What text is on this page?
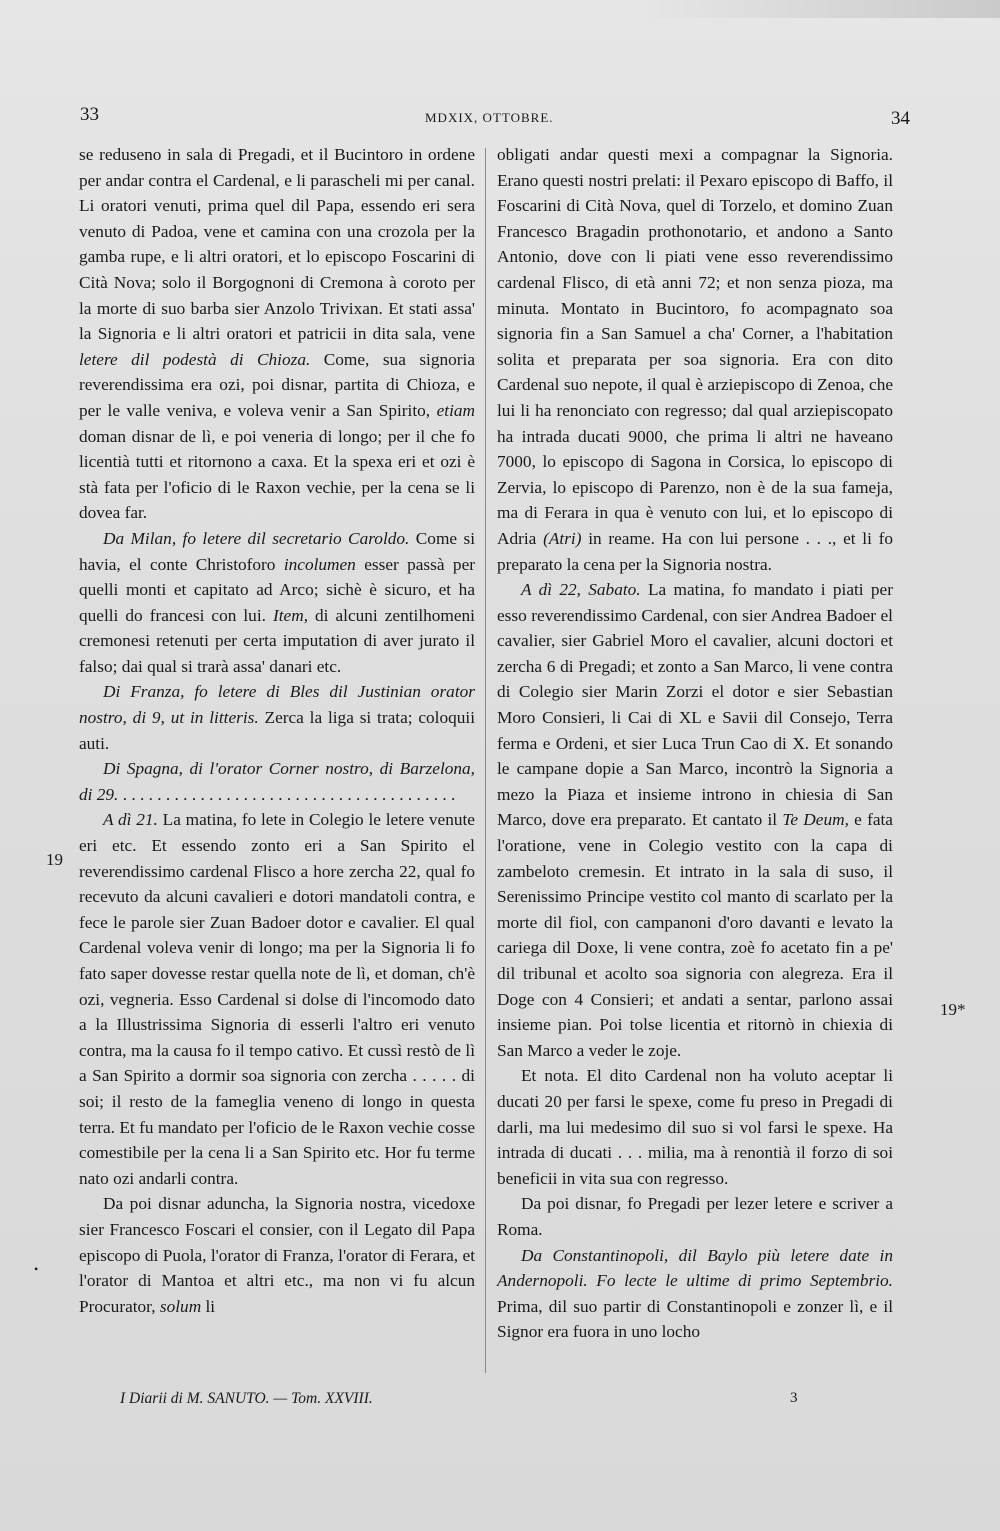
33	MDXIX, OTTOBRE.	34

se reduseno in sala di Pregadi, et il Bucintoro in ordene per andar contra el Cardenal, e li parascheli mi per canal. Li oratori venuti, prima quel dil Papa, essendo eri sera venuto di Padoa, vene et camina con una crozola per la gamba rupe, e li altri oratori, et lo episcopo Foscarini di Cità Nova; solo il Borgognoni di Cremona à coroto per la morte di suo barba sier Anzolo Trivixan. Et stati assa' la Signoria e li altri oratori et patricii in dita sala, vene letere dil podestà di Chioza. Come, sua signoria reverendissima era ozi, poi disnar, partita di Chioza, e per le valle veniva, e voleva venir a San Spirito, etiam doman disnar de lì, e poi veneria di longo; per il che fo licentià tutti et ritornono a caxa. Et la spexa eri et ozi è stà fata per l'oficio di le Raxon vechie, per la cena se li dovea far.

Da Milan, fo letere dil secretario Caroldo. Come si havia, el conte Christoforo incolumen esser passà per quelli monti et capitato ad Arco; sichè è sicuro, et ha quelli do francesi con lui. Item, di alcuni zentilhomeni cremonesi retenuti per certa imputation di aver jurato il falso; dai qual si trarà assa' danari etc.

Di Franza, fo letere di Bles dil Justinian orator nostro, di 9, ut in litteris. Zerca la liga si trata; coloquii auti.

Di Spagna, di l'orator Corner nostro, di Barzelona, di 29. . . . . . . . . . . . . . . . . . . . . . . . . . . . . . . . . . . . . . . .

A dì 21. La matina, fo lete in Colegio le letere venute eri etc. Et essendo zonto eri a San Spirito el reverendissimo cardenal Flisco a hore zercha 22, qual fo recevuto da alcuni cavalieri e dotori mandatoli contra, e fece le parole sier Zuan Badoer dotor e cavalier. El qual Cardenal voleva venir di longo; ma per la Signoria li fo fato saper dovesse restar quella note de lì, et doman, ch'è ozi, vegneria. Esso Cardenal si dolse di l'incomodo dato a la Illustrissima Signoria di esserli l'altro eri venuto contra, ma la causa fo il tempo cativo. Et cussì restò de lì a San Spirito a dormir soa signoria con zercha . . . . . di soi; il resto de la fameglia veneno di longo in questa terra. Et fu mandato per l'oficio de le Raxon vechie cosse comestibile per la cena li a San Spirito etc. Hor fu terme nato ozi andarli contra.

Da poi disnar aduncha, la Signoria nostra, vicedoxe sier Francesco Foscari el consier, con il Legato dil Papa episcopo di Puola, l'orator di Franza, l'orator di Ferara, et l'orator di Mantoa et altri etc., ma non vi fu alcun Procurator, solum li

obligati andar questi mexi a compagnar la Signoria. Erano questi nostri prelati: il Pexaro episcopo di Baffo, il Foscarini di Cità Nova, quel di Torzelo, et domino Zuan Francesco Bragadin prothonotario, et andono a Santo Antonio, dove con li piati vene esso reverendissimo cardenal Flisco, di età anni 72; et non senza pioza, ma minuta. Montato in Bucintoro, fo acompagnato soa signoria fin a San Samuel a cha' Corner, a l'habitation solita et preparata per soa signoria. Era con dito Cardenal suo nepote, il qual è arziepiscopo di Zenoa, che lui li ha renonciato con regresso; dal qual arziepiscopato ha intrada ducati 9000, che prima li altri ne haveano 7000, lo episcopo di Sagona in Corsica, lo episcopo di Zervia, lo episcopo di Parenzo, non è de la sua fameja, ma di Ferara in qua è venuto con lui, et lo episcopo di Adria (Atri) in reame. Ha con lui persone . . ., et li fo preparato la cena per la Signoria nostra.

A dì 22, Sabato. La matina, fo mandato i piati per esso reverendissimo Cardenal, con sier Andrea Badoer el cavalier, sier Gabriel Moro el cavalier, alcuni doctori et zercha 6 di Pregadi; et zonto a San Marco, li vene contra di Colegio sier Marin Zorzi el dotor e sier Sebastian Moro Consieri, li Cai di XL e Savii dil Consejo, Terra ferma e Ordeni, et sier Luca Trun Cao di X. Et sonando le campane dopie a San Marco, incontrò la Signoria a mezo la Piaza et insieme introno in chiesia di San Marco, dove era preparato. Et cantato il Te Deum, e fata l'oratione, vene in Colegio vestito con la capa di zambeloto cremesin. Et intrato in la sala di suso, il Serenissimo Principe vestito col manto di scarlato per la morte dil fiol, con campanoni d'oro davanti e levato la cariega dil Doxe, li vene contra, zoè fo acetato fin a pe' dil tribunal et acolto soa signoria con alegreza. Era il Doge con 4 Consieri; et andati a sentar, parlono assai insieme pian. Poi tolse licentia et ritornò in chiexia di San Marco a veder le zoje.

Et nota. El dito Cardenal non ha voluto aceptar li ducati 20 per farsi le spexe, come fu preso in Pregadi di darli, ma lui medesimo dil suo si vol farsi le spexe. Ha intrada di ducati . . . milia, ma à renontià il forzo di soi beneficii in vita sua con regresso.

Da poi disnar, fo Pregadi per lezer letere e scriver a Roma.

Da Constantinopoli, dil Baylo più letere date in Andernopoli. Fo lecte le ultime di primo Septembrio. Prima, dil suo partir di Constantinopoli e zonzer lì, e il Signor era fuora in uno locho

19
19*
•
I Diarii di M. SANUTO. — Tom. XXVIII.	3
